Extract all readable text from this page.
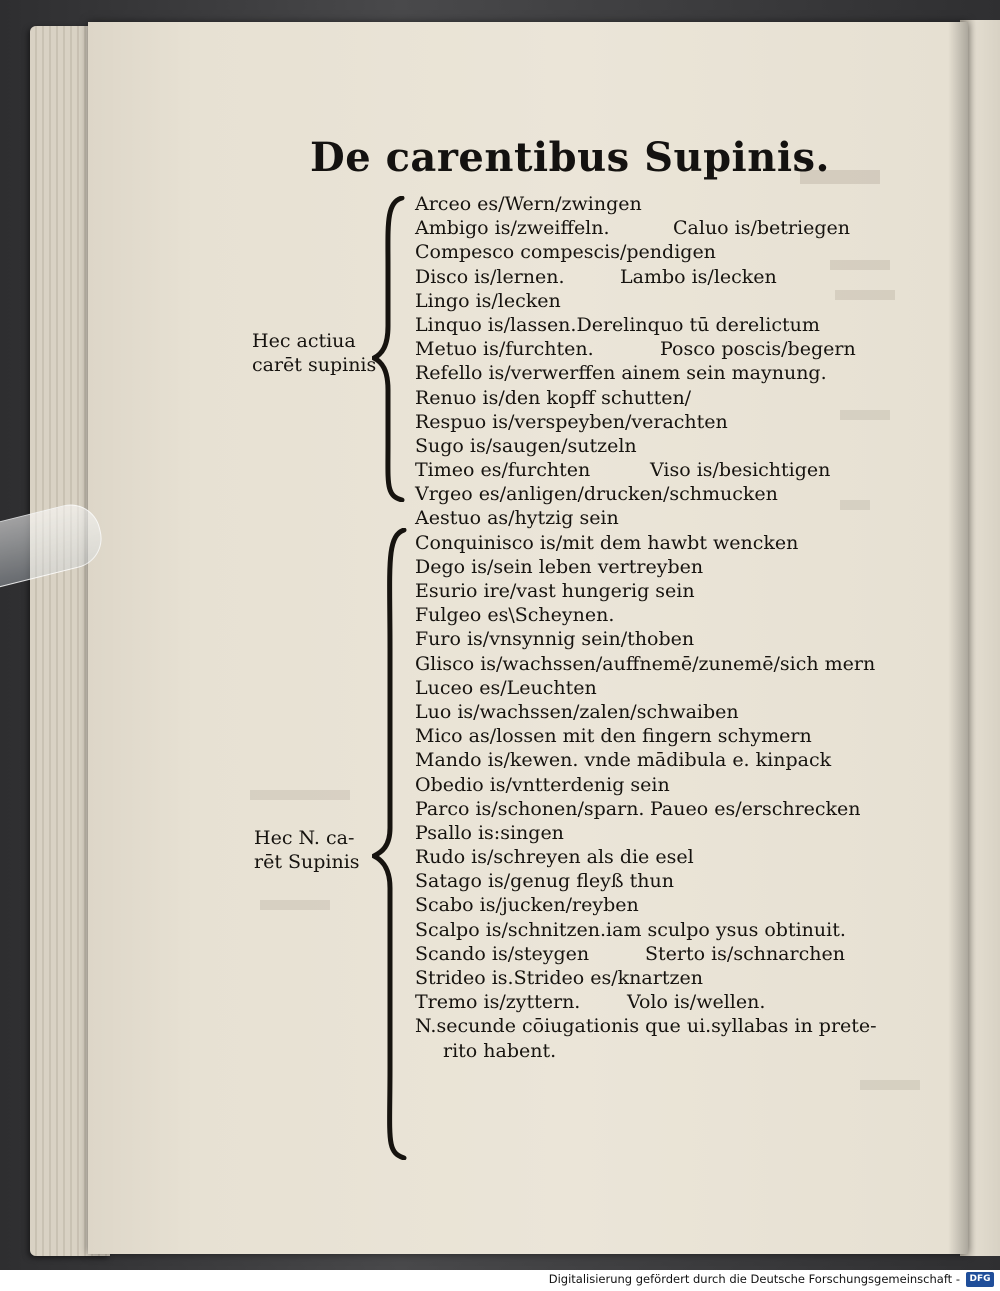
De carentibus Supinis.
Hec actiua
carēt supinis
Hec N. ca-
rēt Supinis
Arceo es/Wern/zwingen
Ambigo is/zweiffeln.	Caluo is/betriegen
Compesco compescis/pendigen
Disco is/lernen.	Lambo is/lecken
Lingo is/lecken
Linquo is/lassen.Derelinquo tū derelictum
Metuo is/furchten.	Posco poscis/begern
Refello is/verwerffen ainem sein maynung.
Renuo is/den kopff schutten/
Respuo is/verspeyben/verachten
Sugo is/saugen/sutzeln
Timeo es/furchten	Viso is/besichtigen
Vrgeo es/anligen/drucken/schmucken
Aestuo as/hytzig sein
Conquinisco is/mit dem hawbt wencken
Dego is/sein leben vertreyben
Esurio ire/vast hungerig sein
Fulgeo es\Scheynen.
Furo is/vnsynnig sein/thoben
Glisco is/wachssen/auffnemē/zunemē/sich mern
Luceo es/Leuchten
Luo is/wachssen/zalen/schwaiben
Mico as/lossen mit den fingern schymern
Mando is/kewen. vnde mādibula e. kinpack
Obedio is/vntterdenig sein
Parco is/schonen/sparn. Paueo es/erschrecken
Psallo is:singen
Rudo is/schreyen als die esel
Satago is/genug fleyß thun
Scabo is/jucken/reyben
Scalpo is/schnitzen.iam sculpo ysus obtinuit.
Scando is/steygen	Sterto is/schnarchen
Strideo is.Strideo es/knartzen
Tremo is/zyttern. Volo is/wellen.
N.secunde cōiugationis que ui.syllabas in prete-
rito habent.
Digitalisierung gefördert durch die Deutsche Forschungsgemeinschaft -	DFG
